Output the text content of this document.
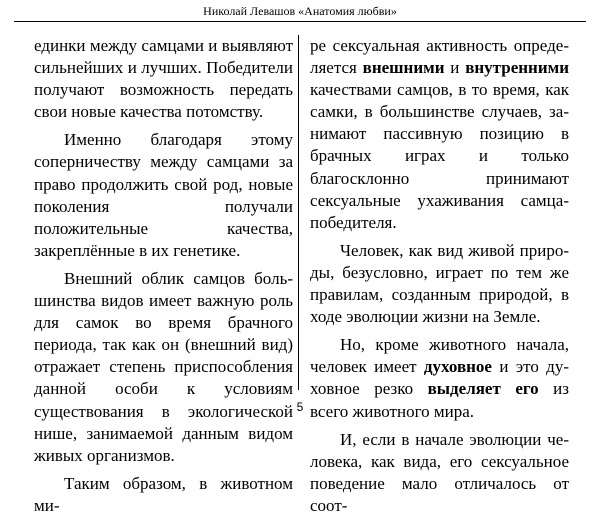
Николай Левашов «Анатомия любви»

единки между самцами и выявляют сильнейших и лучших. Победители получают возможность передать свои новые качества потомству.

Именно благодаря этому соперничеству между самцами за право продолжить свой род, новые поколения получали положительные качества, закреплённые в их генетике.

Внешний облик самцов большинства видов имеет важную роль для самок во время брачного периода, так как он (внешний вид) отражает степень приспособления данной особи к условиям существования в экологической нише, занимаемой данным видом живых организмов.

Таким образом, в животном ми-

ре сексуальная активность определяется внешними и внутренними качествами самцов, в то время, как самки, в большинстве случаев, занимают пассивную позицию в брачных играх и только благосклонно принимают сексуальные ухаживания самца-победителя.

Человек, как вид живой природы, безусловно, играет по тем же правилам, созданным природой, в ходе эволюции жизни на Земле.

Но, кроме животного начала, человек имеет духовное и это духовное резко выделяет его из всего животного мира.

И, если в начале эволюции человека, как вида, его сексуальное поведение мало отличалось от соот-

5
